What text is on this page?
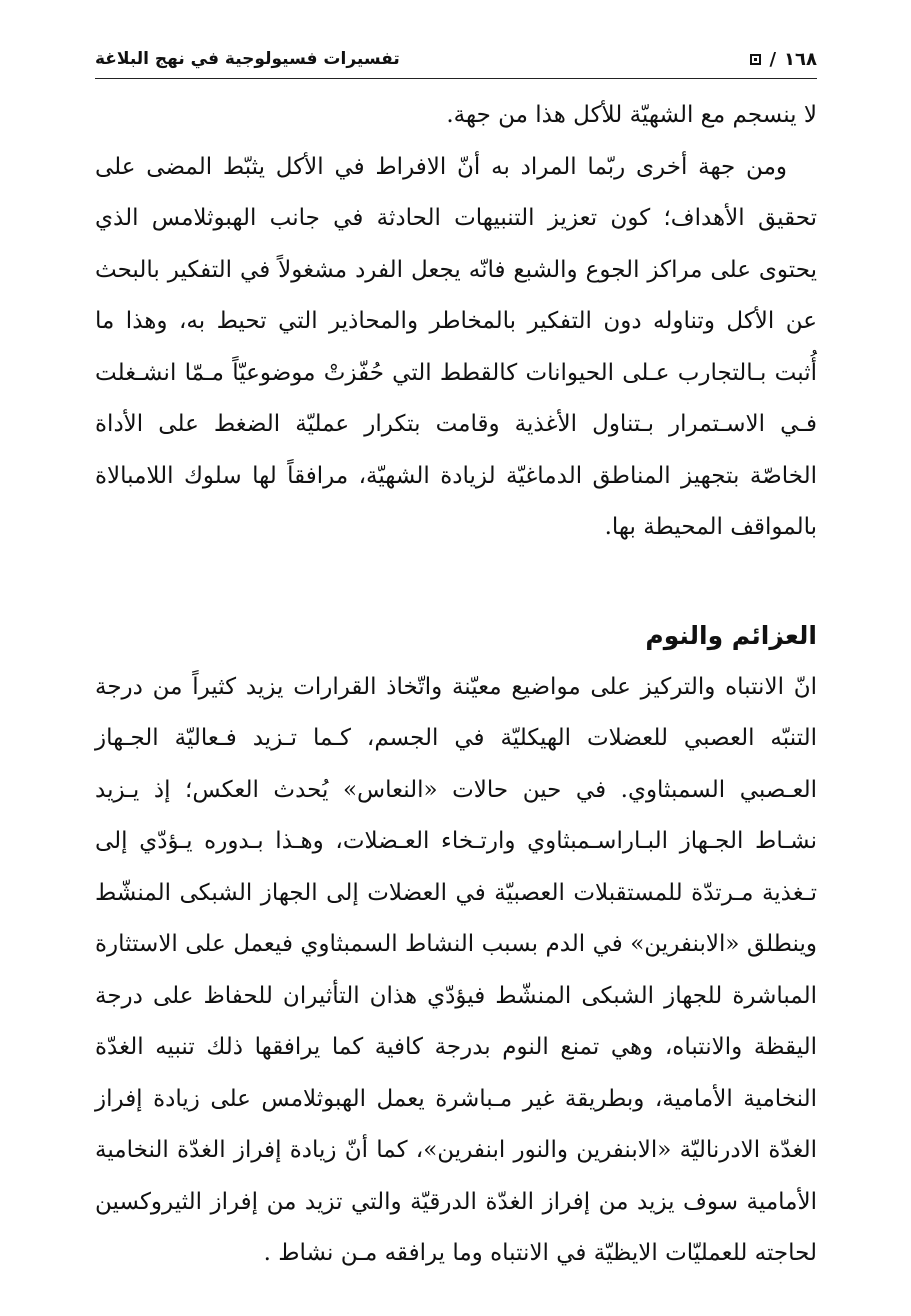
١٦٨
/
تفسيرات فسيولوجية في نهج البلاغة

لا ينسجم مع الشهيّة للأكل هذا من جهة.

ومن جهة أخرى ربّما المراد به أنّ الافراط في الأكل يثبّط المضى على تحقيق الأهداف؛ كون تعزيز التنبيهات الحادثة في جانب الهبوثلامس الذي يحتوى على مراكز الجوع والشبع فانّه يجعل الفرد مشغولاً في التفكير بالبحث عن الأكل وتناوله دون التفكير بالمخاطر والمحاذير التي تحيط به، وهذا ما أُثبت بـالتجارب عـلى الحيوانات كالقطط التي حُفّزتْ موضوعيّاً مـمّا انشـغلت فـي الاسـتمرار بـتناول الأغذية وقامت بتكرار عمليّة الضغط على الأداة الخاصّة بتجهيز المناطق الدماغيّة لزيادة الشهيّة، مرافقاً لها سلوك اللامبالاة بالمواقف المحيطة بها.

العزائم والنوم

انّ الانتباه والتركيز على مواضيع معيّنة واتّخاذ القرارات يزيد كثيراً من درجة التنبّه العصبي للعضلات الهيكليّة في الجسم، كـما تـزيد فـعاليّة الجـهاز العـصبي السمبثاوي. في حين حالات «النعاس» يُحدث العكس؛ إذ يـزيد نشـاط الجـهاز البـاراسـمبثاوي وارتـخاء العـضلات، وهـذا بـدوره يـؤدّي إلى تـغذية مـرتدّة للمستقبلات العصبيّة في العضلات إلى الجهاز الشبكى المنشّط وينطلق «الابنفرين» في الدم بسبب النشاط السمبثاوي فيعمل على الاستثارة المباشرة للجهاز الشبكى المنشّط فيؤدّي هذان التأثيران للحفاظ على درجة اليقظة والانتباه، وهي تمنع النوم بدرجة كافية كما يرافقها ذلك تنبيه الغدّة النخامية الأمامية، وبطريقة غير مـباشرة يعمل الهبوثلامس على زيادة إفراز الغدّة الادرناليّة «الابنفرين والنور ابنفرين»، كما أنّ زيادة إفراز الغدّة النخامية الأمامية سوف يزيد من إفراز الغدّة الدرقيّة والتي تزيد من إفراز الثيروكسين لحاجته للعمليّات الايظيّة في الانتباه وما يرافقه مـن نشاط .
